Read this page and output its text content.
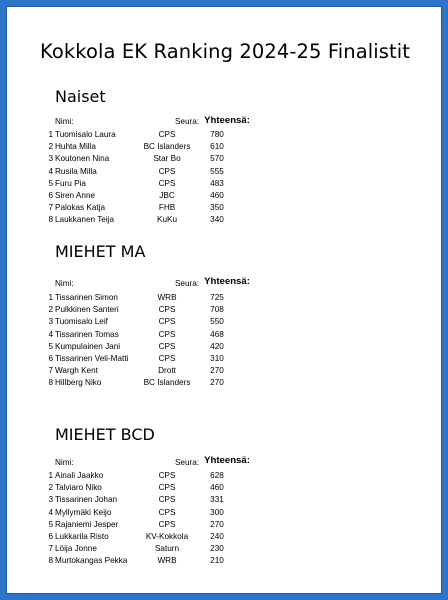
Kokkola EK Ranking 2024-25 Finalistit
Naiset
Nimi:	Seura: Yhteensä:
1 Tuomisalo Laura	CPS	780
2 Huhta Milla	BC Islanders	610
3 Koutonen Nina	Star Bo	570
4 Rusila Milla	CPS	555
5 Furu Pia	CPS	483
6 Siren Anne	JBC	460
7 Palokas Katja	FHB	350
8 Laukkanen Teija	KuKu	340
MIEHET MA
Nimi:	Seura: Yhteensä:
1 Tissarinen Simon	WRB	725
2 Pulkkinen Santeri	CPS	708
3 Tuomisalo Leif	CPS	550
4 Tissarinen Tomas	CPS	468
5 Kumpulainen Jani	CPS	420
6 Tissarinen Veli-Matti	CPS	310
7 Wargh Kent	Drott	270
8 Hillberg Niko	BC Islanders	270
MIEHET BCD
Nimi:	Seura: Yhteensä:
1 Ainali Jaakko	CPS	628
2 Talviaro Niko	CPS	460
3 Tissarinen Johan	CPS	331
4 Myllymäki Keijo	CPS	300
5 Rajaniemi Jesper	CPS	270
6 Lukkarila Risto	KV-Kokkola	240
7 Löija Jonne	Saturn	230
8 Murtokangas Pekka	WRB	210
